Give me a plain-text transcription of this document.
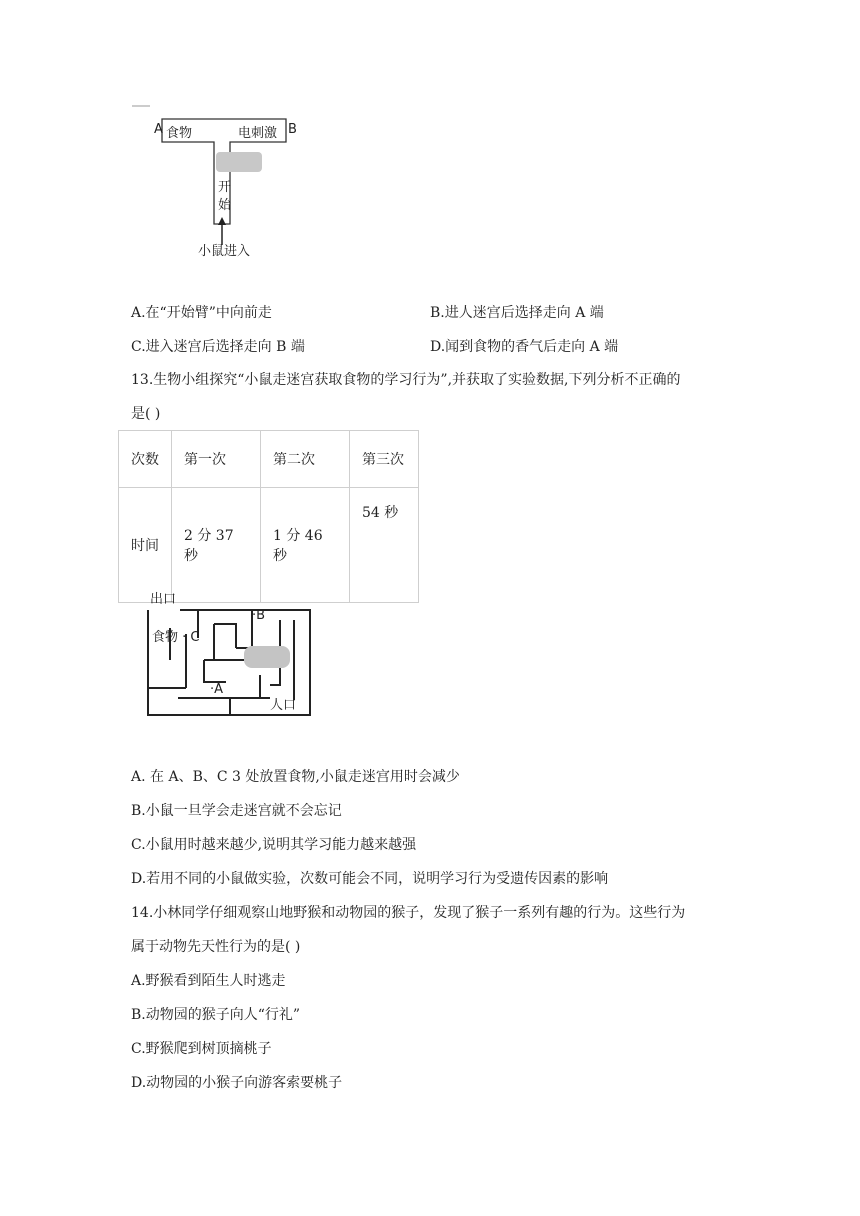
A 食物	电刺激 B
开
始
小鼠进入
A.在“开始臂”中向前走	B.进人迷宫后选择走向 A 端
C.进入迷宫后选择走向 B 端	D.闻到食物的香气后走向 A 端
13.生物小组探究“小鼠走迷宫获取食物的学习行为”,并获取了实验数据,下列分析不正确的
是( )
次数	第一次	第二次	第三次
时间	2 分 37 秒	1 分 46 秒	54 秒
出口
食物 · C
·B
·A
人口
A. 在 A、B、C 3 处放置食物,小鼠走迷宫用时会减少
B.小鼠一旦学会走迷宫就不会忘记
C.小鼠用时越来越少,说明其学习能力越来越强
D.若用不同的小鼠做实验，次数可能会不同，说明学习行为受遗传因素的影响
14.小林同学仔细观察山地野猴和动物园的猴子，发现了猴子一系列有趣的行为。这些行为
属于动物先天性行为的是( )
A.野猴看到陌生人时逃走
B.动物园的猴子向人“行礼”
C.野猴爬到树顶摘桃子
D.动物园的小猴子向游客索要桃子
